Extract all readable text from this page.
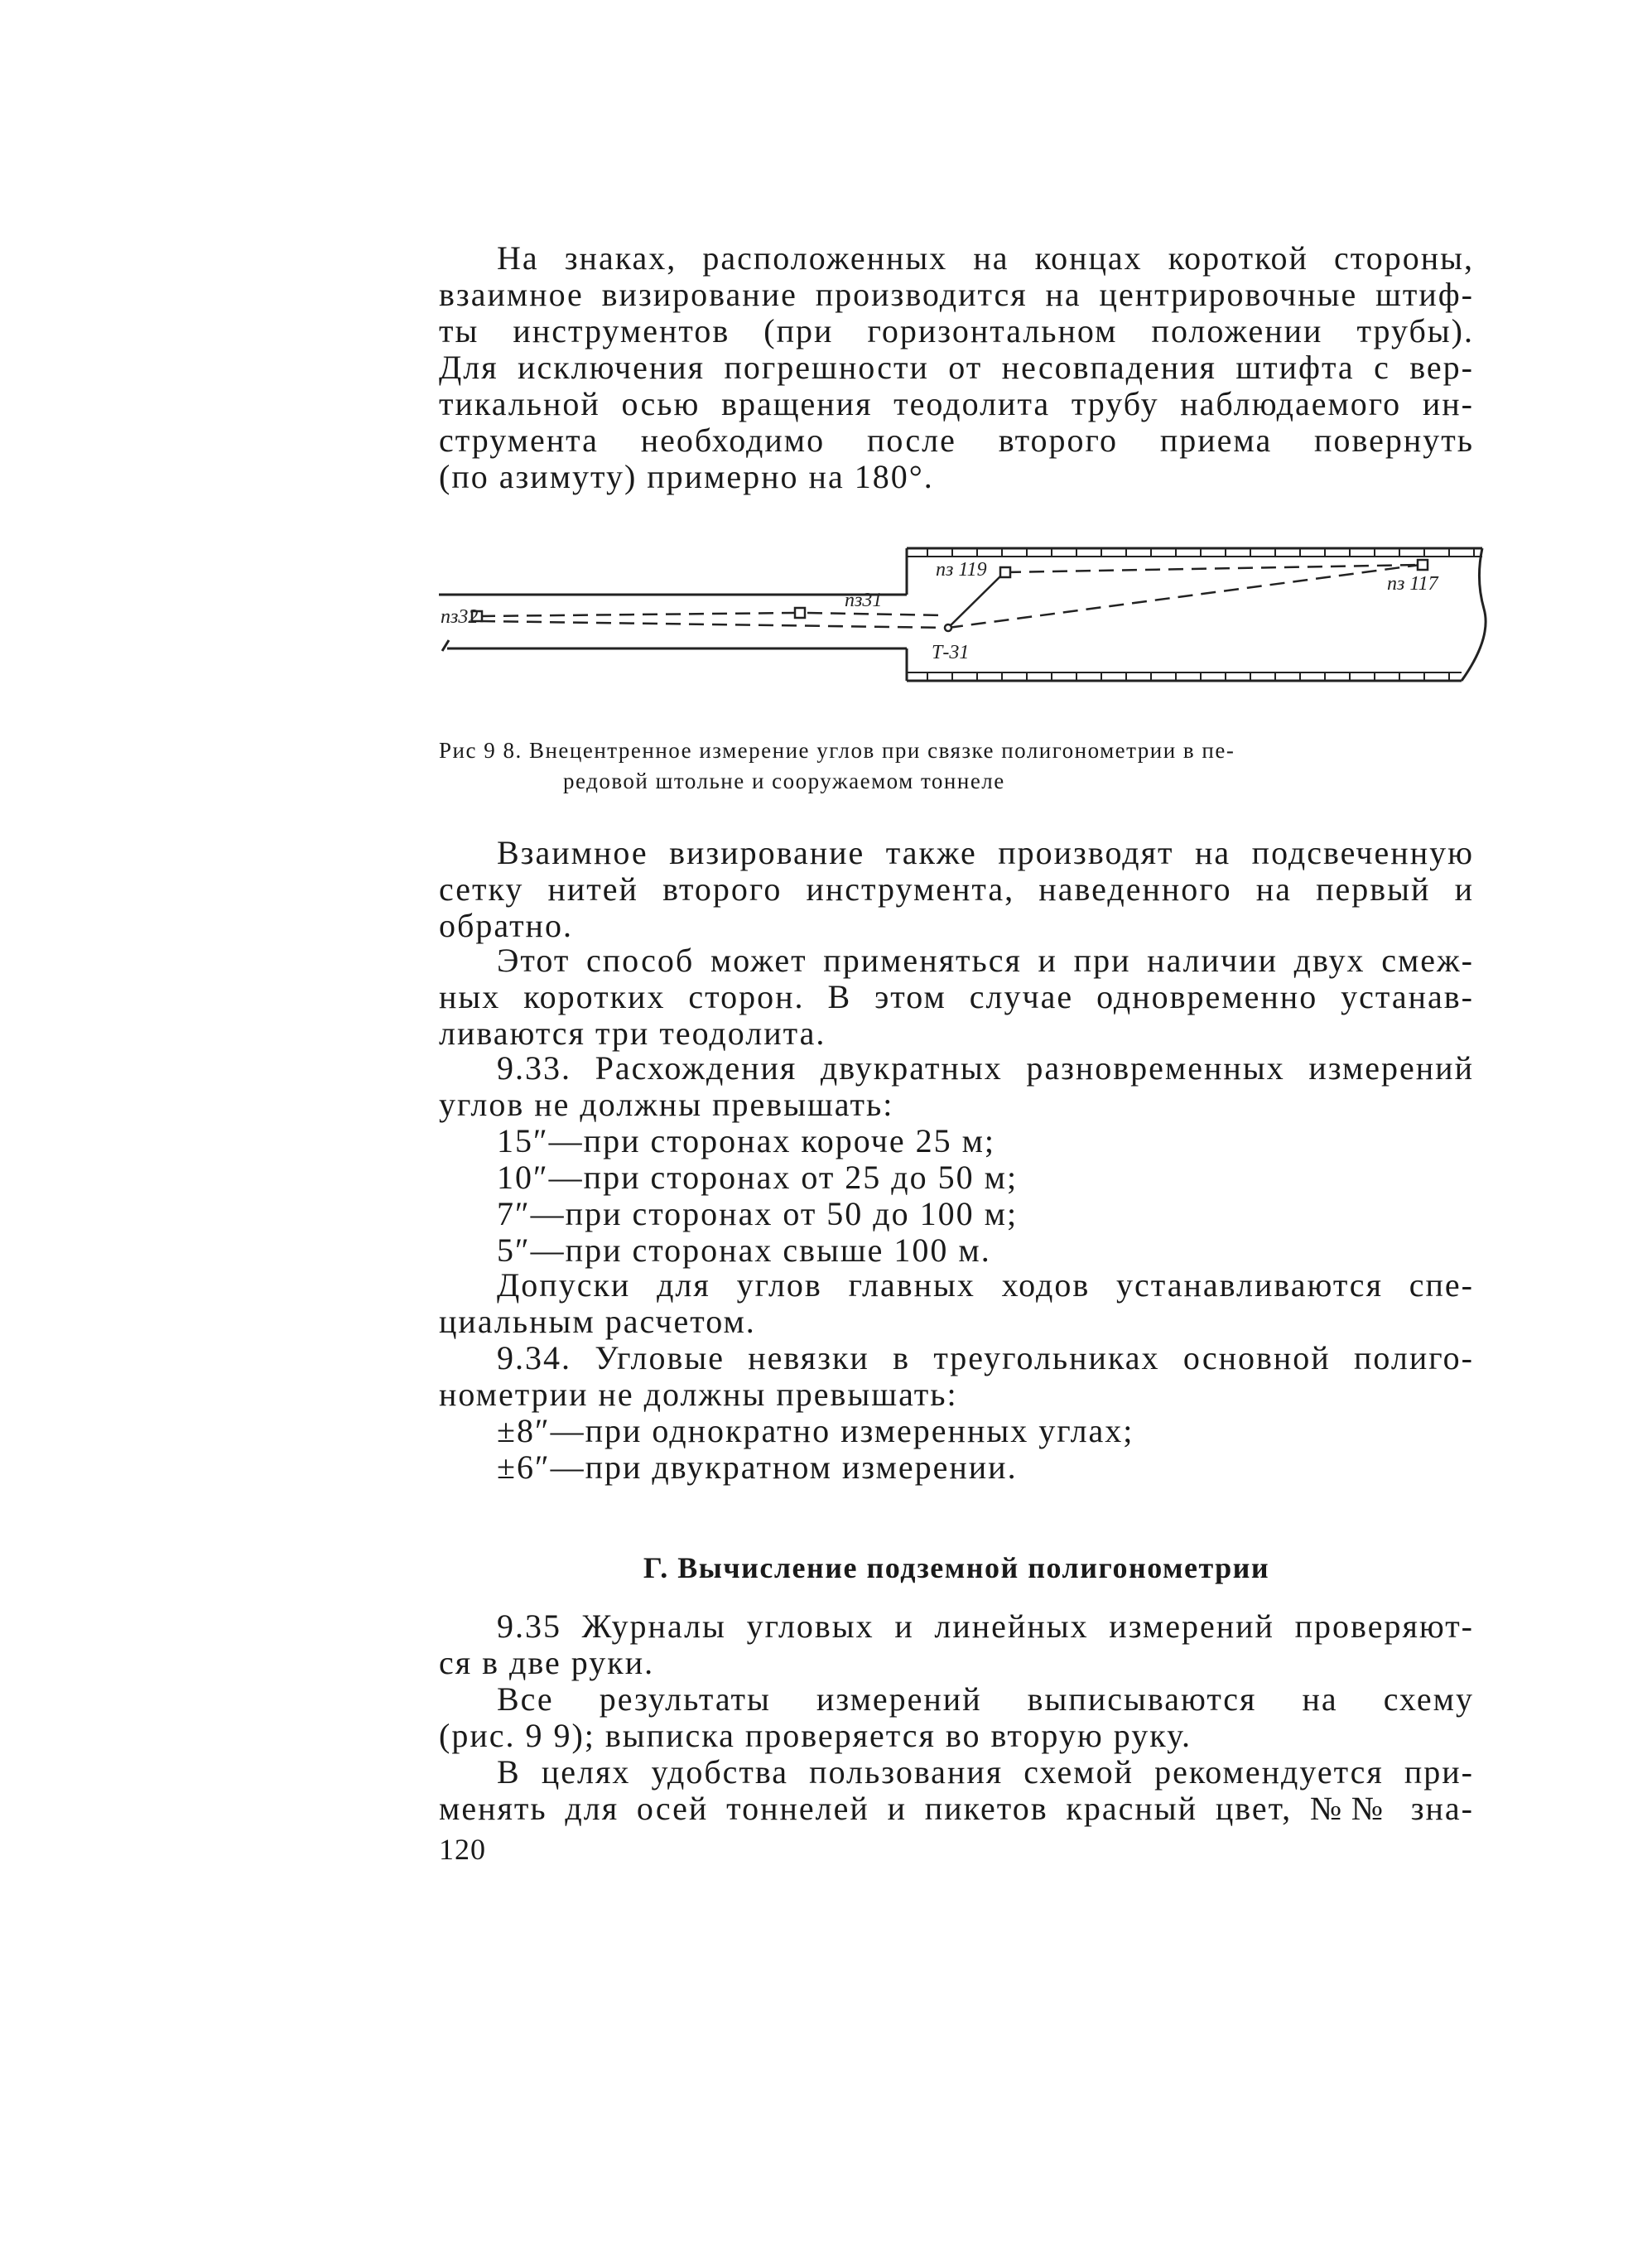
На знаках, расположенных на концах короткой стороны,
взаимное визирование производится на центрировочные штиф-
ты инструментов (при горизонтальном положении трубы).
Для исключения погрешности от несовпадения штифта с вер-
тикальной осью вращения теодолита трубу наблюдаемого ин-
струмента необходимо после второго приема повернуть
(по азимуту) примерно на 180°.
пз32
пз31
пз 119
пз 117
Т-31
Рис 9 8. Внецентренное измерение углов при связке полигонометрии в пе-
редовой штольне и сооружаемом тоннеле
Взаимное визирование также производят на подсвеченную
сетку нитей второго инструмента, наведенного на первый и
обратно.
Этот способ может применяться и при наличии двух смеж-
ных коротких сторон. В этом случае одновременно устанав-
ливаются три теодолита.
9.33. Расхождения двукратных разновременных измерений
углов не должны превышать:
15″—при сторонах короче 25 м;
10″—при сторонах от 25 до 50 м;
7″—при сторонах от 50 до 100 м;
5″—при сторонах свыше 100 м.
Допуски для углов главных ходов устанавливаются спе-
циальным расчетом.
9.34. Угловые невязки в треугольниках основной полиго-
нометрии не должны превышать:
±8″—при однократно измеренных углах;
±6″—при двукратном измерении.
Г. Вычисление подземной полигонометрии
9.35 Журналы угловых и линейных измерений проверяют-
ся в две руки.
Все результаты измерений выписываются на схему
(рис. 9 9); выписка проверяется во вторую руку.
В целях удобства пользования схемой рекомендуется при-
менять для осей тоннелей и пикетов красный цвет, №№ зна-
120
